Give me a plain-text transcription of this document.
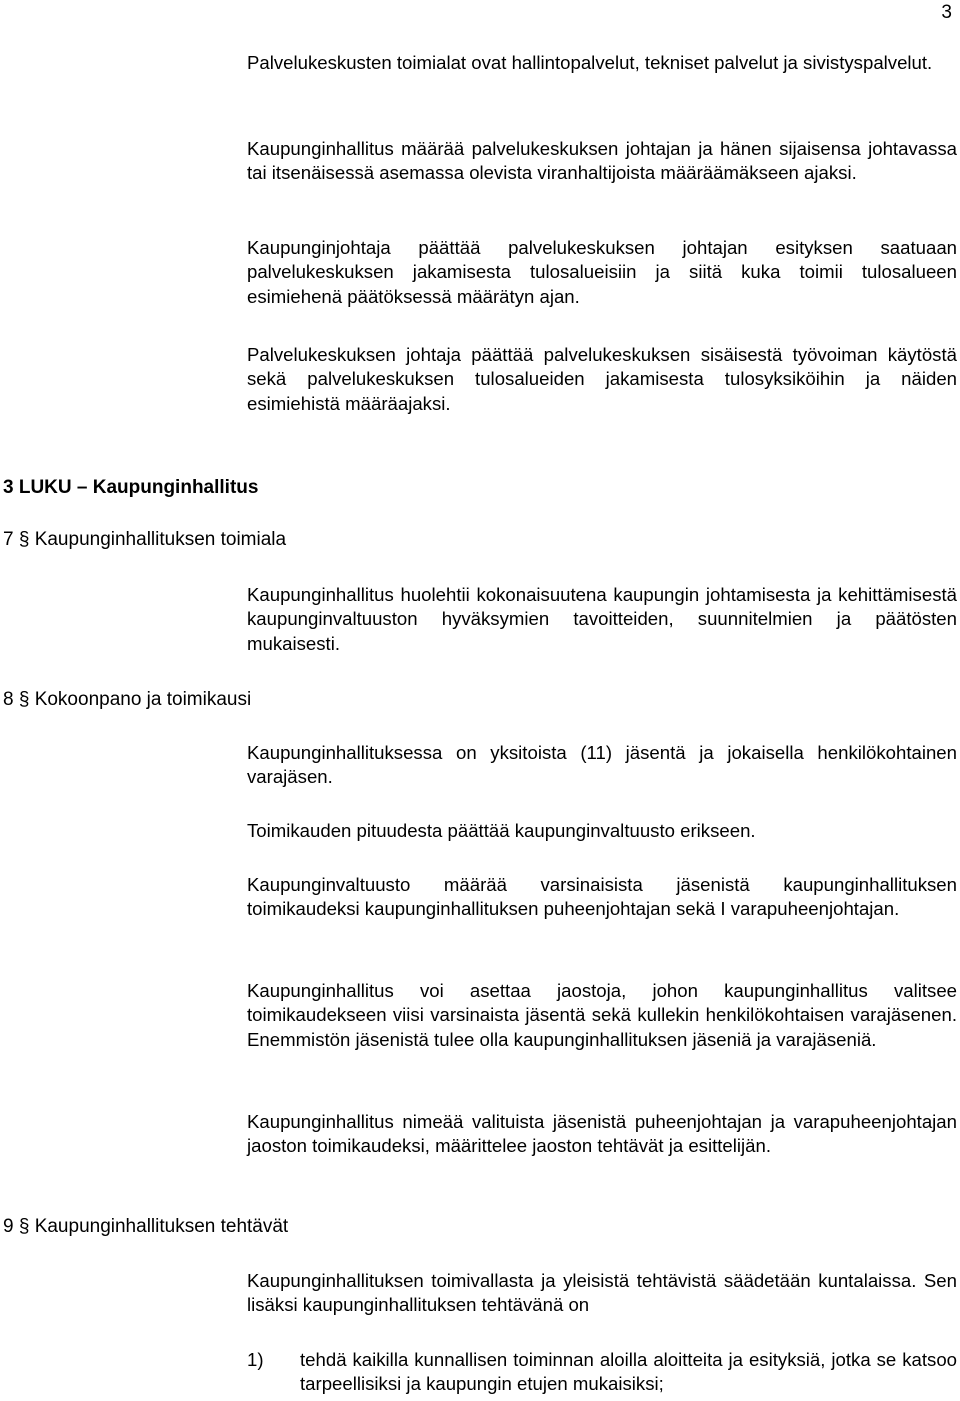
3

Palvelukeskusten toimialat ovat hallintopalvelut, tekniset palvelut ja sivistyspalvelut.

Kaupunginhallitus määrää palvelukeskuksen johtajan ja hänen sijaisensa johtavassa tai itsenäisessä asemassa olevista viranhaltijoista määräämäkseen ajaksi.

Kaupunginjohtaja päättää palvelukeskuksen johtajan esityksen saatuaan palvelukeskuksen jakamisesta tulosalueisiin ja siitä kuka toimii tulosalueen esimiehenä päätöksessä määrätyn ajan.

Palvelukeskuksen johtaja päättää palvelukeskuksen sisäisestä työvoiman käytöstä sekä palvelukeskuksen tulosalueiden jakamisesta tulosyksiköihin ja näiden esimiehistä määräajaksi.

3 LUKU – Kaupunginhallitus
7 § Kaupunginhallituksen toimiala

Kaupunginhallitus huolehtii kokonaisuutena kaupungin johtamisesta ja kehittämisestä kaupunginvaltuuston hyväksymien tavoitteiden, suunnitelmien ja päätösten mukaisesti.

8 § Kokoonpano ja toimikausi

Kaupunginhallituksessa on yksitoista (11) jäsentä ja jokaisella henkilökohtainen varajäsen.

Toimikauden pituudesta päättää kaupunginvaltuusto erikseen.

Kaupunginvaltuusto määrää varsinaisista jäsenistä kaupunginhallituksen toimikaudeksi kaupunginhallituksen puheenjohtajan sekä I varapuheenjohtajan.

Kaupunginhallitus voi asettaa jaostoja, johon kaupunginhallitus valitsee toimikaudekseen viisi varsinaista jäsentä sekä kullekin henkilökohtaisen varajäsenen. Enemmistön jäsenistä tulee olla kaupunginhallituksen jäseniä ja varajäseniä.

Kaupunginhallitus nimeää valituista jäsenistä puheenjohtajan ja varapuheenjohtajan jaoston toimikaudeksi, määrittelee jaoston tehtävät ja esittelijän.

9 § Kaupunginhallituksen tehtävät

Kaupunginhallituksen toimivallasta ja yleisistä tehtävistä säädetään kuntalaissa. Sen lisäksi kaupunginhallituksen tehtävänä on

1)	tehdä kaikilla kunnallisen toiminnan aloilla aloitteita ja esityksiä, jotka se katsoo tarpeellisiksi ja kaupungin etujen mukaisiksi;
